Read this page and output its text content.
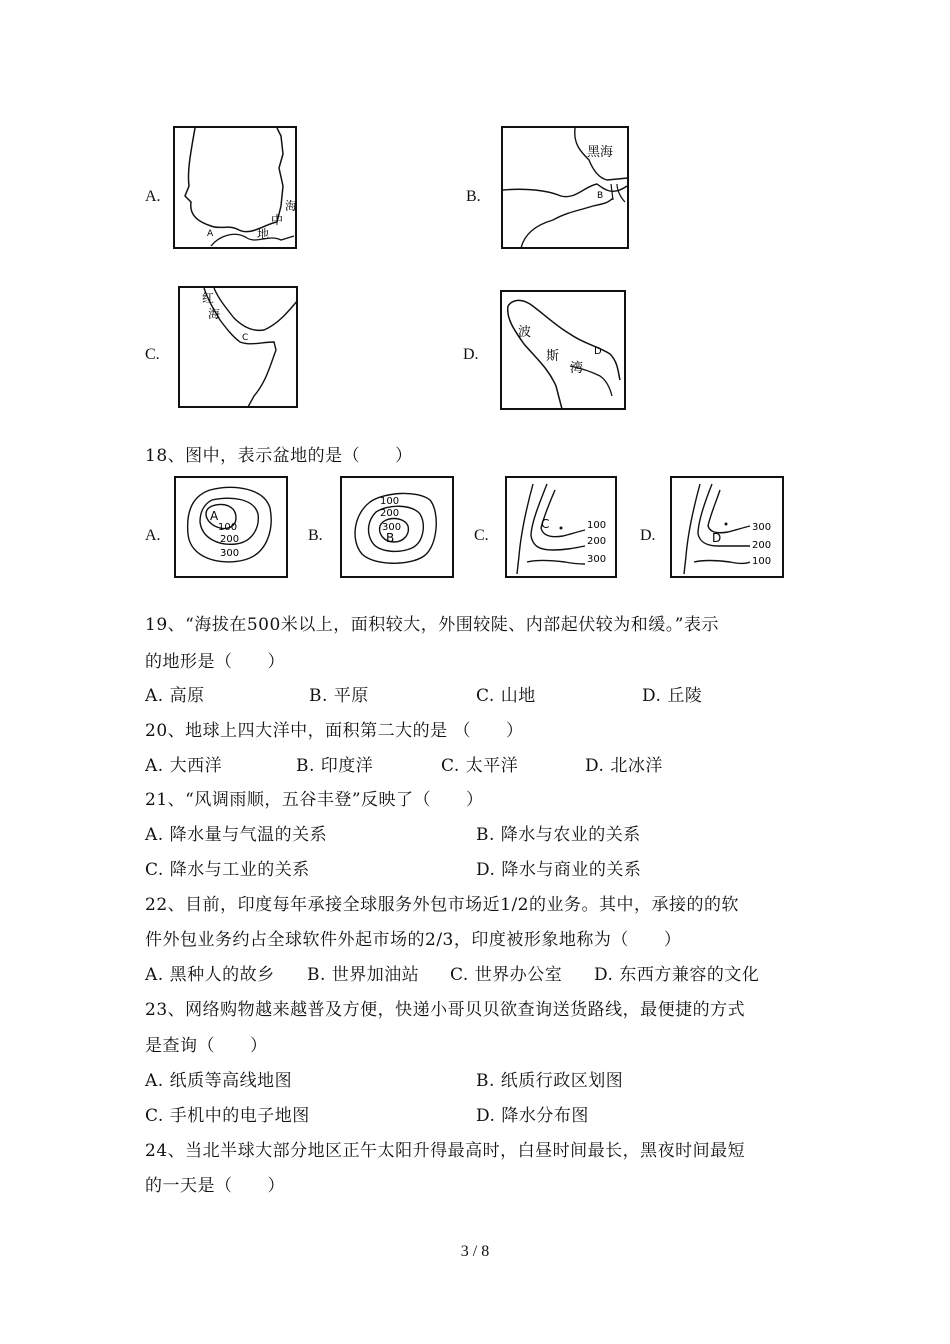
A.	B.
C.	D.
海
中
地
A
黑海
B
红
海
C	波
斯
湾
D
18、图中，表示盆地的是（　　）
A.	B.	C.	D.
A
100
200
300
100
200
300
B
C	100
200
300
D
300
200
100
19、“海拔在500米以上，面积较大，外围较陡、内部起伏较为和缓。”表示
的地形是（　　）
A. 高原	B. 平原	C. 山地	D. 丘陵
20、地球上四大洋中，面积第二大的是 （　　）
A. 大西洋	B. 印度洋	C. 太平洋	D. 北冰洋
21、“风调雨顺，五谷丰登”反映了（　　）
A. 降水量与气温的关系	B. 降水与农业的关系
C. 降水与工业的关系	D. 降水与商业的关系
22、目前，印度每年承接全球服务外包市场近1/2的业务。其中，承接的的软
件外包业务约占全球软件外起市场的2/3，印度被形象地称为（　　）
A. 黑种人的故乡 B. 世界加油站 C. 世界办公室 D. 东西方兼容的文化
23、网络购物越来越普及方便，快递小哥贝贝欲查询送货路线，最便捷的方式
是查询（　　）
A. 纸质等高线地图	B. 纸质行政区划图
C. 手机中的电子地图	D. 降水分布图
24、当北半球大部分地区正午太阳升得最高时，白昼时间最长，黑夜时间最短
的一天是（　　）
3 / 8
